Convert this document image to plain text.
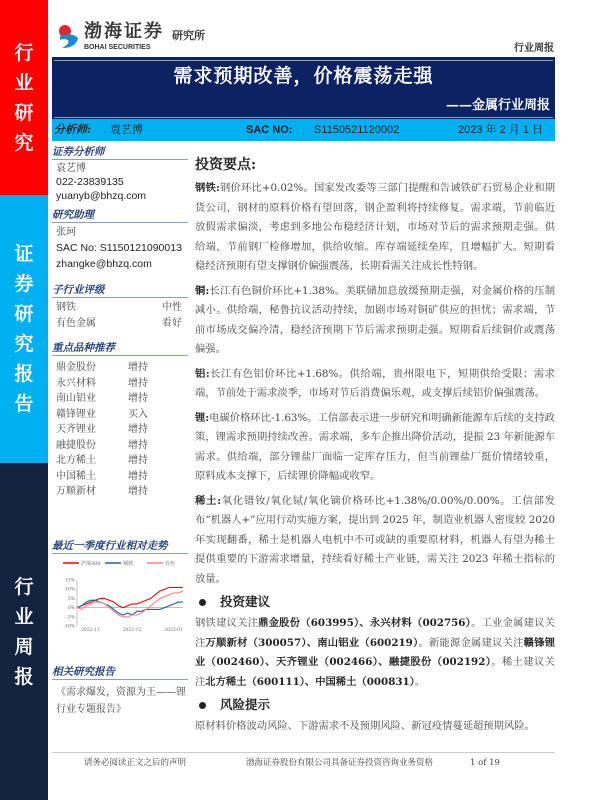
行业研究
证券研究报告
行业周报
渤海证券
BOHAI SECURITIES
研究所
行业周报
需求预期改善，价格震荡走强
——金属行业周报
分析师: 袁艺博	SAC NO: S1150521120002	2023 年 2 月 1 日
证券分析师
袁艺博
022-23839135
yuanyb@bhzq.com
研究助理
张珂
SAC No: S1150121090013
zhangke@bhzq.com
子行业评级
钢铁	中性
有色金属	看好
重点品种推荐
鼎金股份	增持
永兴材料	增持
南山铝业	增持
赣锋锂业	买入
天齐锂业	增持
融捷股份	增持
北方稀土	增持
中国稀土	增持
万顺新材	增持
最近一季度行业相对走势
沪深300	钢铁	有色
15%
10%
5%
0%
-5%
-10%
2022-11	2022-12	2023-01
相关研究报告
《需求爆发，资源为王——锂行业专题报告》
投资要点:

钢铁:钢价环比+0.02%。国家发改委等三部门提醒和告诫铁矿石贸易企业和期货公司，钢材的原料价格有望回落，钢企盈利将持续修复。需求端，节前临近放假需求偏淡，考虑到多地公布稳经济计划，市场对节后的需求预期走强。供给端，节前钢厂检修增加，供给收缩。库存端延续垒库，且增幅扩大。短期看稳经济预期有望支撑钢价偏强震荡，长期看需关注成长性特钢。

铜:长江有色铜价环比+1.38%。美联储加息放缓预期走强，对金属价格的压制减小。供给端，秘鲁抗议活动持续，加剧市场对铜矿供应的担忧；需求端，节前市场成交偏冷清，稳经济预期下节后需求预期走强。短期看后续铜价或震荡偏强。

铝:长江有色铝价环比+1.68%。供给端，贵州限电下，短期供给受限；需求端，节前处于需求淡季，市场对节后消费偏乐观，或支撑后续铝价偏强震荡。

锂:电碳价格环比-1.63%。工信部表示进一步研究和明确新能源车后续的支持政策，锂需求预期持续改善。需求端，多车企推出降价活动，提振 23 年新能源车需求。供给端，部分锂盐厂面临一定库存压力，但当前锂盐厂挺价情绪较重，原料成本支撑下，后续锂价降幅或收窄。

稀土:氧化镨钕/氧化铽/氧化镝价格环比+1.38%/0.00%/0.00%。工信部发布“机器人+”应用行动实施方案，提出到 2025 年，制造业机器人密度较 2020 年实现翻番，稀土是机器人电机中不可或缺的重要原材料，机器人有望为稀土提供重要的下游需求增量，持续看好稀土产业链，需关注 2023 年稀土指标的放量。

投资建议

钢铁建议关注鼎金股份（603995）、永兴材料（002756）。工业金属建议关注万顺新材（300057）、南山铝业（600219）。新能源金属建议关注赣锋锂业（002460）、天齐锂业（002466）、融捷股份（002192）。稀土建议关注北方稀土（600111）、中国稀土（000831）。

风险提示

原材料价格波动风险、下游需求不及预期风险、新冠疫情蔓延超预期风险。

请务必阅读正文之后的声明	渤海证券股份有限公司具备证券投资咨询业务资格	1 of 19
